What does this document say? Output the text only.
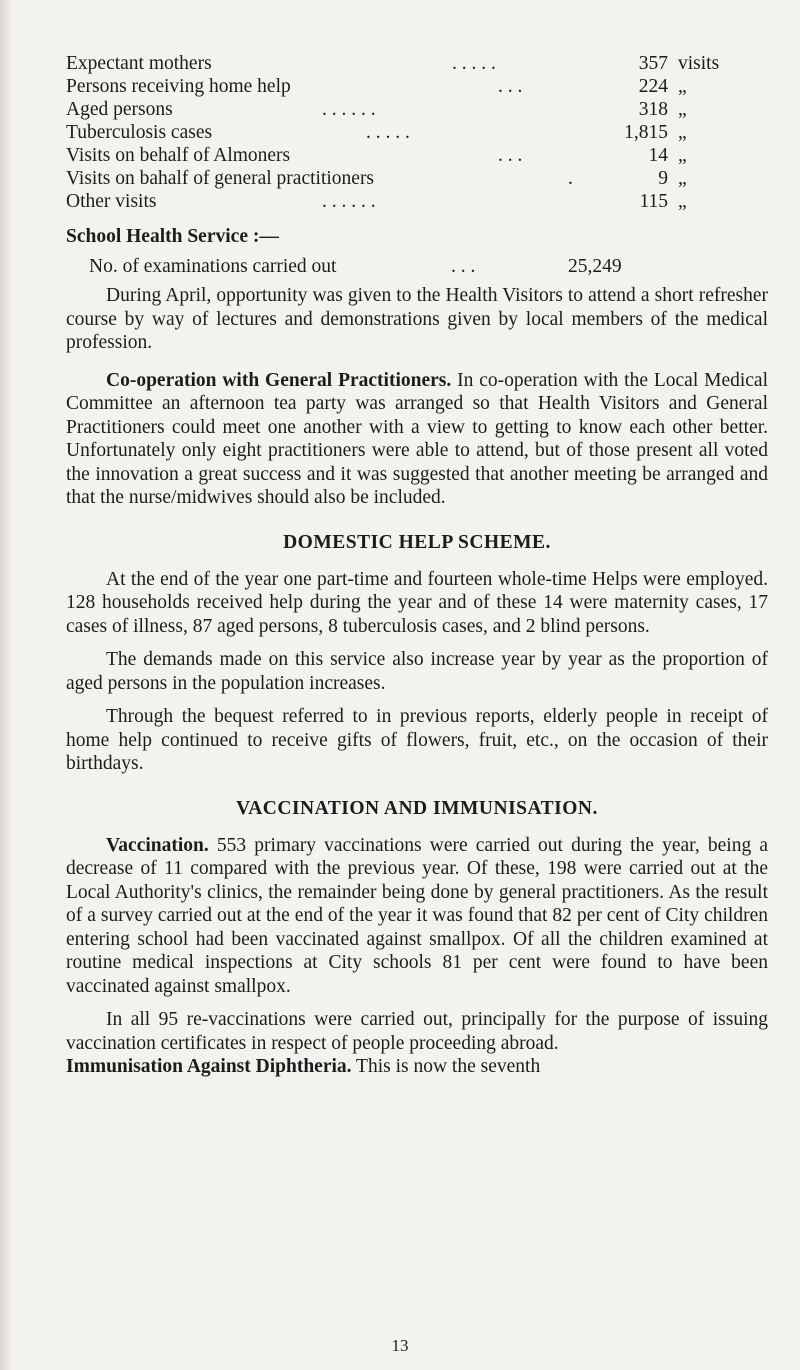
Expectant mothers	. . . . .	357 visits
Persons receiving home help	. . .	224 „
Aged persons	. . . . . .	318 „
Tuberculosis cases	. . . . .	1,815 „
Visits on behalf of Almoners	. . .	14 „
Visits on bahalf of general practitioners	.	9 „
Other visits	. . . . . .	115 „
School Health Service :—
No. of examinations carried out	. . .	25,249

During April, opportunity was given to the Health Visitors to attend a short refresher course by way of lectures and demonstrations given by local members of the medical profession.

Co-operation with General Practitioners. In co-operation with the Local Medical Committee an afternoon tea party was arranged so that Health Visitors and General Practitioners could meet one another with a view to getting to know each other better. Unfortunately only eight practitioners were able to attend, but of those present all voted the innovation a great success and it was suggested that another meeting be arranged and that the nurse/midwives should also be included.

DOMESTIC HELP SCHEME.

At the end of the year one part-time and fourteen whole-time Helps were employed. 128 households received help during the year and of these 14 were maternity cases, 17 cases of illness, 87 aged persons, 8 tuberculosis cases, and 2 blind persons.

The demands made on this service also increase year by year as the proportion of aged persons in the population increases.

Through the bequest referred to in previous reports, elderly people in receipt of home help continued to receive gifts of flowers, fruit, etc., on the occasion of their birthdays.

VACCINATION AND IMMUNISATION.

Vaccination. 553 primary vaccinations were carried out during the year, being a decrease of 11 compared with the previous year. Of these, 198 were carried out at the Local Authority's clinics, the remainder being done by general practitioners. As the result of a survey carried out at the end of the year it was found that 82 per cent of City children entering school had been vaccinated against smallpox. Of all the children examined at routine medical inspections at City schools 81 per cent were found to have been vaccinated against smallpox.

In all 95 re-vaccinations were carried out, principally for the purpose of issuing vaccination certificates in respect of people proceeding abroad.

Immunisation Against Diphtheria. This is now the seventh

13
